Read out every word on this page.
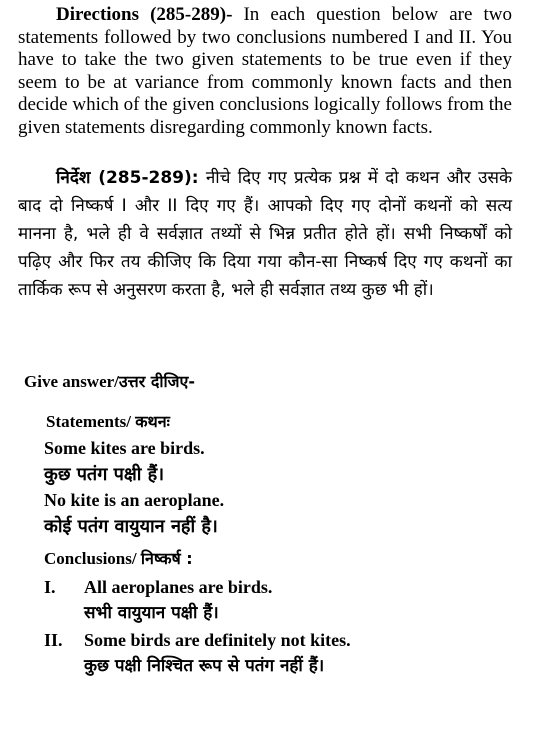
Directions (285-289)- In each question below are two statements followed by two conclusions numbered I and II. You have to take the two given statements to be true even if they seem to be at variance from commonly known facts and then decide which of the given conclusions logically follows from the given statements disregarding commonly known facts.

निर्देश (285-289): नीचे दिए गए प्रत्येक प्रश्न में दो कथन और उसके बाद दो निष्कर्ष I और II दिए गए हैं। आपको दिए गए दोनों कथनों को सत्य मानना है, भले ही वे सर्वज्ञात तथ्यों से भिन्न प्रतीत होते हों। सभी निष्कर्षों को पढ़िए और फिर तय कीजिए कि दिया गया कौन-सा निष्कर्ष दिए गए कथनों का तार्किक रूप से अनुसरण करता है, भले ही सर्वज्ञात तथ्य कुछ भी हों।

Give answer/उत्तर दीजिए-
Statements/ कथनः
Some kites are birds.
कुछ पतंग पक्षी हैं।
No kite is an aeroplane.
कोई पतंग वायुयान नहीं है।
Conclusions/ निष्कर्ष :
I. All aeroplanes are birds.
सभी वायुयान पक्षी हैं।
II. Some birds are definitely not kites.
कुछ पक्षी निश्चित रूप से पतंग नहीं हैं।
